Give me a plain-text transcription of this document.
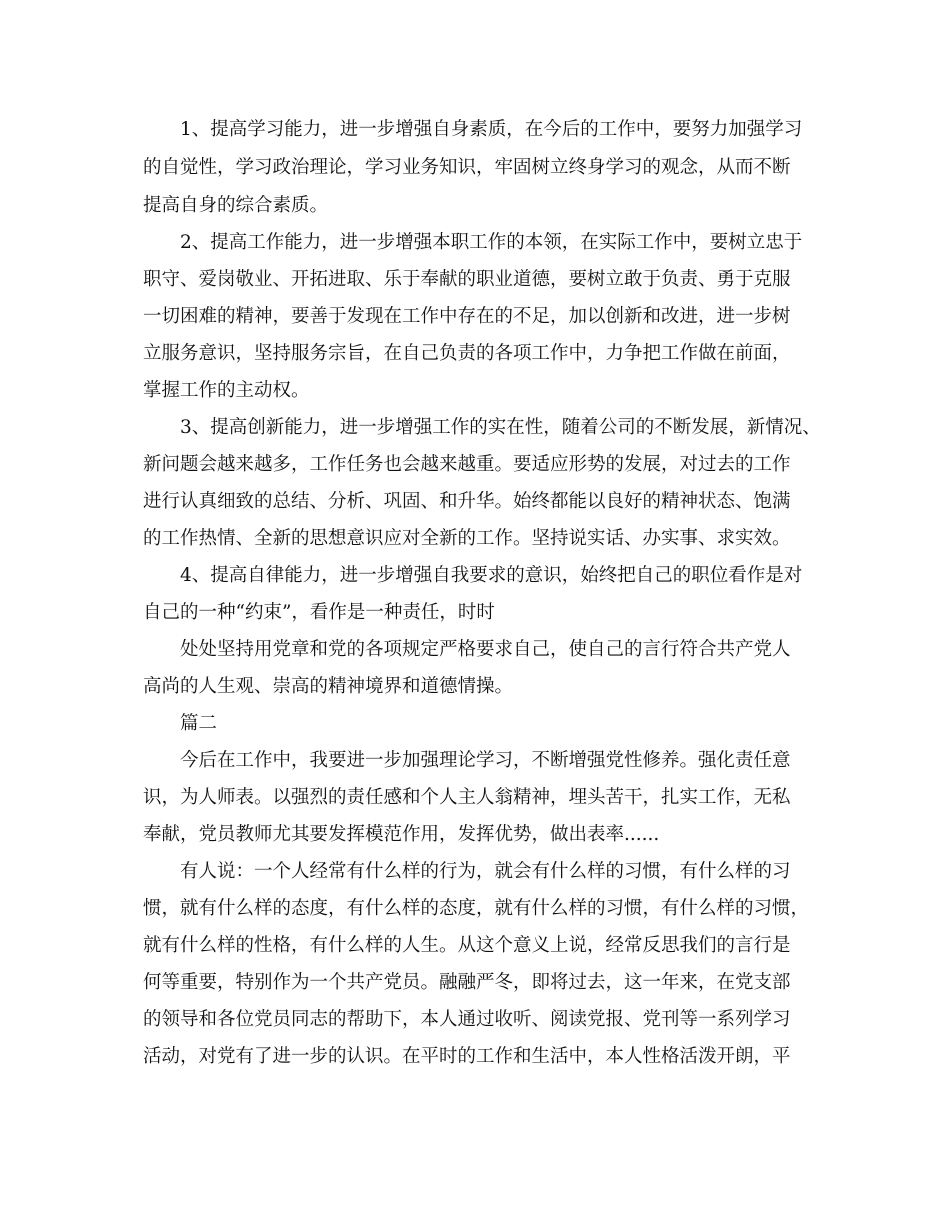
1、提高学习能力，进一步增强自身素质，在今后的工作中，要努力加强学习
的自觉性，学习政治理论，学习业务知识，牢固树立终身学习的观念，从而不断
提高自身的综合素质。
2、提高工作能力，进一步增强本职工作的本领，在实际工作中，要树立忠于
职守、爱岗敬业、开拓进取、乐于奉献的职业道德，要树立敢于负责、勇于克服
一切困难的精神，要善于发现在工作中存在的不足，加以创新和改进，进一步树
立服务意识，坚持服务宗旨，在自己负责的各项工作中，力争把工作做在前面，
掌握工作的主动权。
3、提高创新能力，进一步增强工作的实在性，随着公司的不断发展，新情况、
新问题会越来越多，工作任务也会越来越重。要适应形势的发展，对过去的工作
进行认真细致的总结、分析、巩固、和升华。始终都能以良好的精神状态、饱满
的工作热情、全新的思想意识应对全新的工作。坚持说实话、办实事、求实效。
4、提高自律能力，进一步增强自我要求的意识，始终把自己的职位看作是对
自己的一种“约束”，看作是一种责任，时时
处处坚持用党章和党的各项规定严格要求自己，使自己的言行符合共产党人
高尚的人生观、崇高的精神境界和道德情操。
篇二
今后在工作中，我要进一步加强理论学习，不断增强党性修养。强化责任意
识，为人师表。以强烈的责任感和个人主人翁精神，埋头苦干，扎实工作，无私
奉献，党员教师尤其要发挥模范作用，发挥优势，做出表率......
有人说：一个人经常有什么样的行为，就会有什么样的习惯，有什么样的习
惯，就有什么样的态度，有什么样的态度，就有什么样的习惯，有什么样的习惯，
就有什么样的性格，有什么样的人生。从这个意义上说，经常反思我们的言行是
何等重要，特别作为一个共产党员。融融严冬，即将过去，这一年来，在党支部
的领导和各位党员同志的帮助下，本人通过收听、阅读党报、党刊等一系列学习
活动，对党有了进一步的认识。在平时的工作和生活中，本人性格活泼开朗，平
